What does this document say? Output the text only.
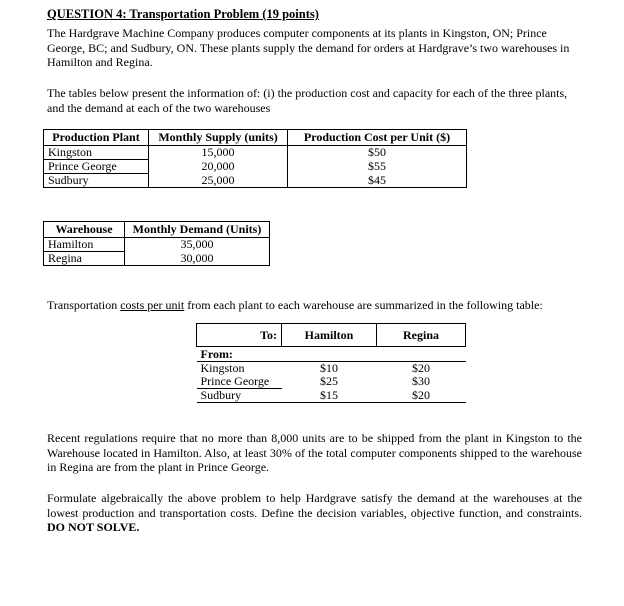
QUESTION 4: Transportation Problem (19 points)

The Hardgrave Machine Company produces computer components at its plants in Kingston, ON; Prince George, BC; and Sudbury, ON. These plants supply the demand for orders at Hardgrave’s two warehouses in Hamilton and Regina.

The tables below present the information of: (i) the production cost and capacity for each of the three plants, and the demand at each of the two warehouses

Production Plant	Monthly Supply (units)	Production Cost per Unit ($)
Kingston	15,000	$50
Prince George	20,000	$55
Sudbury	25,000	$45
Warehouse	Monthly Demand (Units)
Hamilton	35,000
Regina	30,000

Transportation costs per unit from each plant to each warehouse are summarized in the following table:

To:	Hamilton	Regina
From:		
Kingston	$10	$20
Prince George	$25	$30
Sudbury	$15	$20

Recent regulations require that no more than 8,000 units are to be shipped from the plant in Kingston to the Warehouse located in Hamilton. Also, at least 30% of the total computer components shipped to the warehouse in Regina are from the plant in Prince George.

Formulate algebraically the above problem to help Hardgrave satisfy the demand at the warehouses at the lowest production and transportation costs. Define the decision variables, objective function, and constraints. DO NOT SOLVE.
